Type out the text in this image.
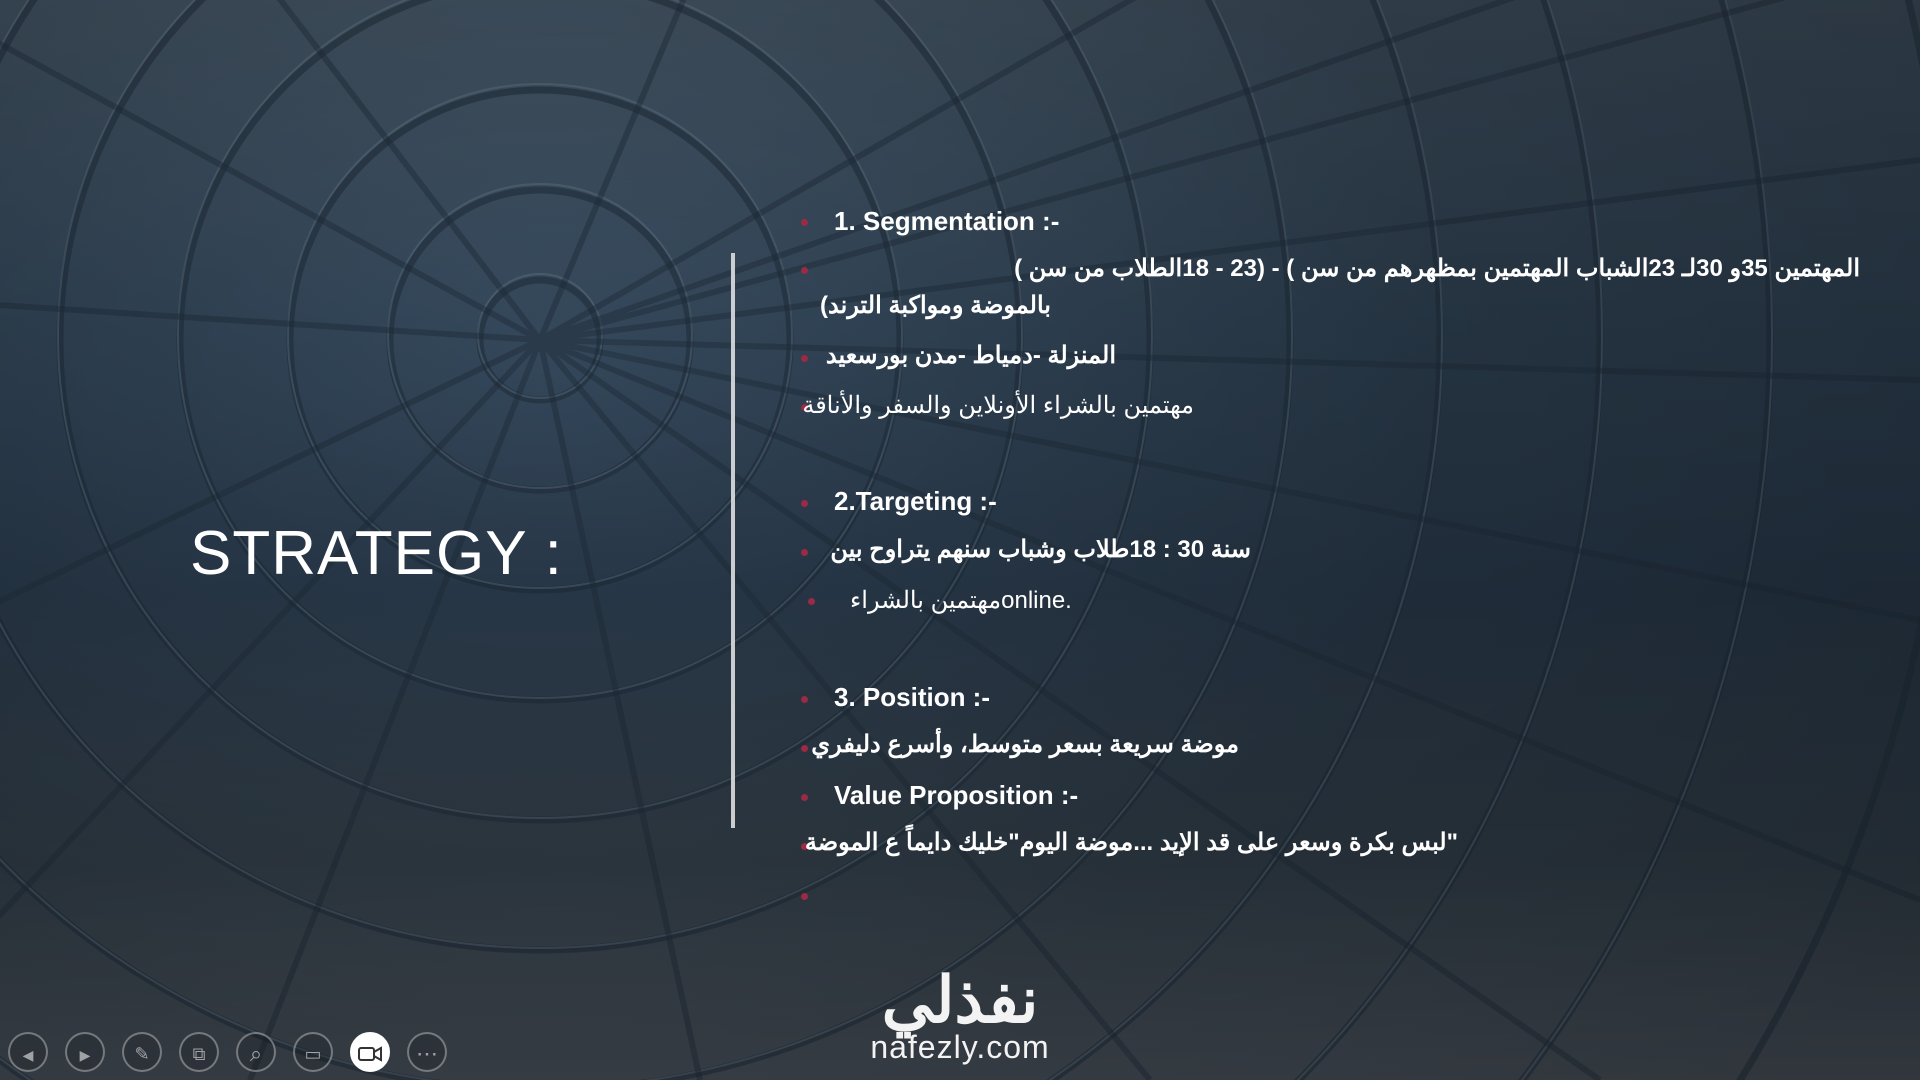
STRATEGY :
1. Segmentation :-
المهتمين 35و 30لـ 23الشباب المهتمين بمظهرهم من سن ) - (23 - 18الطلاب من سن )
بالموضة ومواكبة الترند)
المنزلة -دمياط -مدن بورسعيد
مهتمين بالشراء الأونلاين والسفر والأناقة
2.Targeting :-
سنة 30 : 18طلاب وشباب سنهم يتراوح بين
مهتمين بالشراءonline.
3. Position :-
موضة سريعة بسعر متوسط، وأسرع دليفري
Value Proposition :-
"لبس بكرة وسعر على قد الإيد ...موضة اليوم"خليك دايماً ع الموضة
نفذلي
nafezly.com
◀	▶	✎	⧉	⌕	▭	⋯
